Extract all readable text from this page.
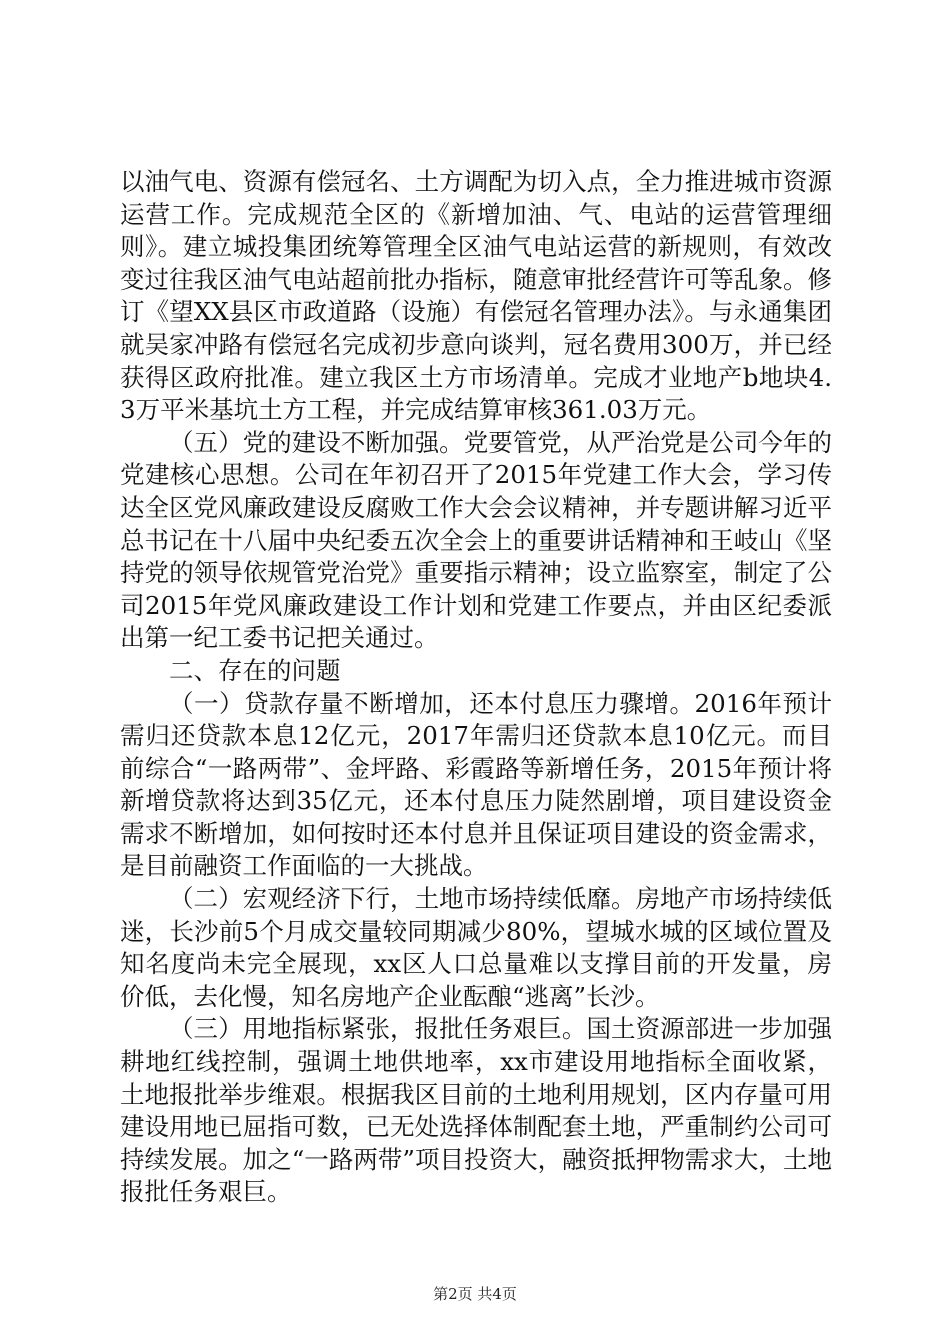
以油气电、资源有偿冠名、土方调配为切入点，全力推进城市资源运营工作。完成规范全区的《新增加油、气、电站的运营管理细则》。建立城投集团统筹管理全区油气电站运营的新规则，有效改变过往我区油气电站超前批办指标，随意审批经营许可等乱象。修订《望XX县区市政道路（设施）有偿冠名管理办法》。与永通集团就吴家冲路有偿冠名完成初步意向谈判，冠名费用300万，并已经获得区政府批准。建立我区土方市场清单。完成才业地产b地块4.3万平米基坑土方工程，并完成结算审核361.03万元。

（五）党的建设不断加强。党要管党，从严治党是公司今年的党建核心思想。公司在年初召开了2015年党建工作大会，学习传达全区党风廉政建设反腐败工作大会会议精神，并专题讲解习近平总书记在十八届中央纪委五次全会上的重要讲话精神和王岐山《坚持党的领导依规管党治党》重要指示精神；设立监察室，制定了公司2015年党风廉政建设工作计划和党建工作要点，并由区纪委派出第一纪工委书记把关通过。

二、存在的问题

（一）贷款存量不断增加，还本付息压力骤增。2016年预计需归还贷款本息12亿元，2017年需归还贷款本息10亿元。而目前综合“一路两带”、金坪路、彩霞路等新增任务，2015年预计将新增贷款将达到35亿元，还本付息压力陡然剧增，项目建设资金需求不断增加，如何按时还本付息并且保证项目建设的资金需求，是目前融资工作面临的一大挑战。

（二）宏观经济下行，土地市场持续低靡。房地产市场持续低迷，长沙前5个月成交量较同期减少80%，望城水城的区域位置及知名度尚未完全展现，xx区人口总量难以支撑目前的开发量，房价低，去化慢，知名房地产企业酝酿“逃离”长沙。

（三）用地指标紧张，报批任务艰巨。国土资源部进一步加强耕地红线控制，强调土地供地率，xx市建设用地指标全面收紧，土地报批举步维艰。根据我区目前的土地利用规划，区内存量可用建设用地已屈指可数，已无处选择体制配套土地，严重制约公司可持续发展。加之“一路两带”项目投资大，融资抵押物需求大，土地报批任务艰巨。

第2页 共4页
